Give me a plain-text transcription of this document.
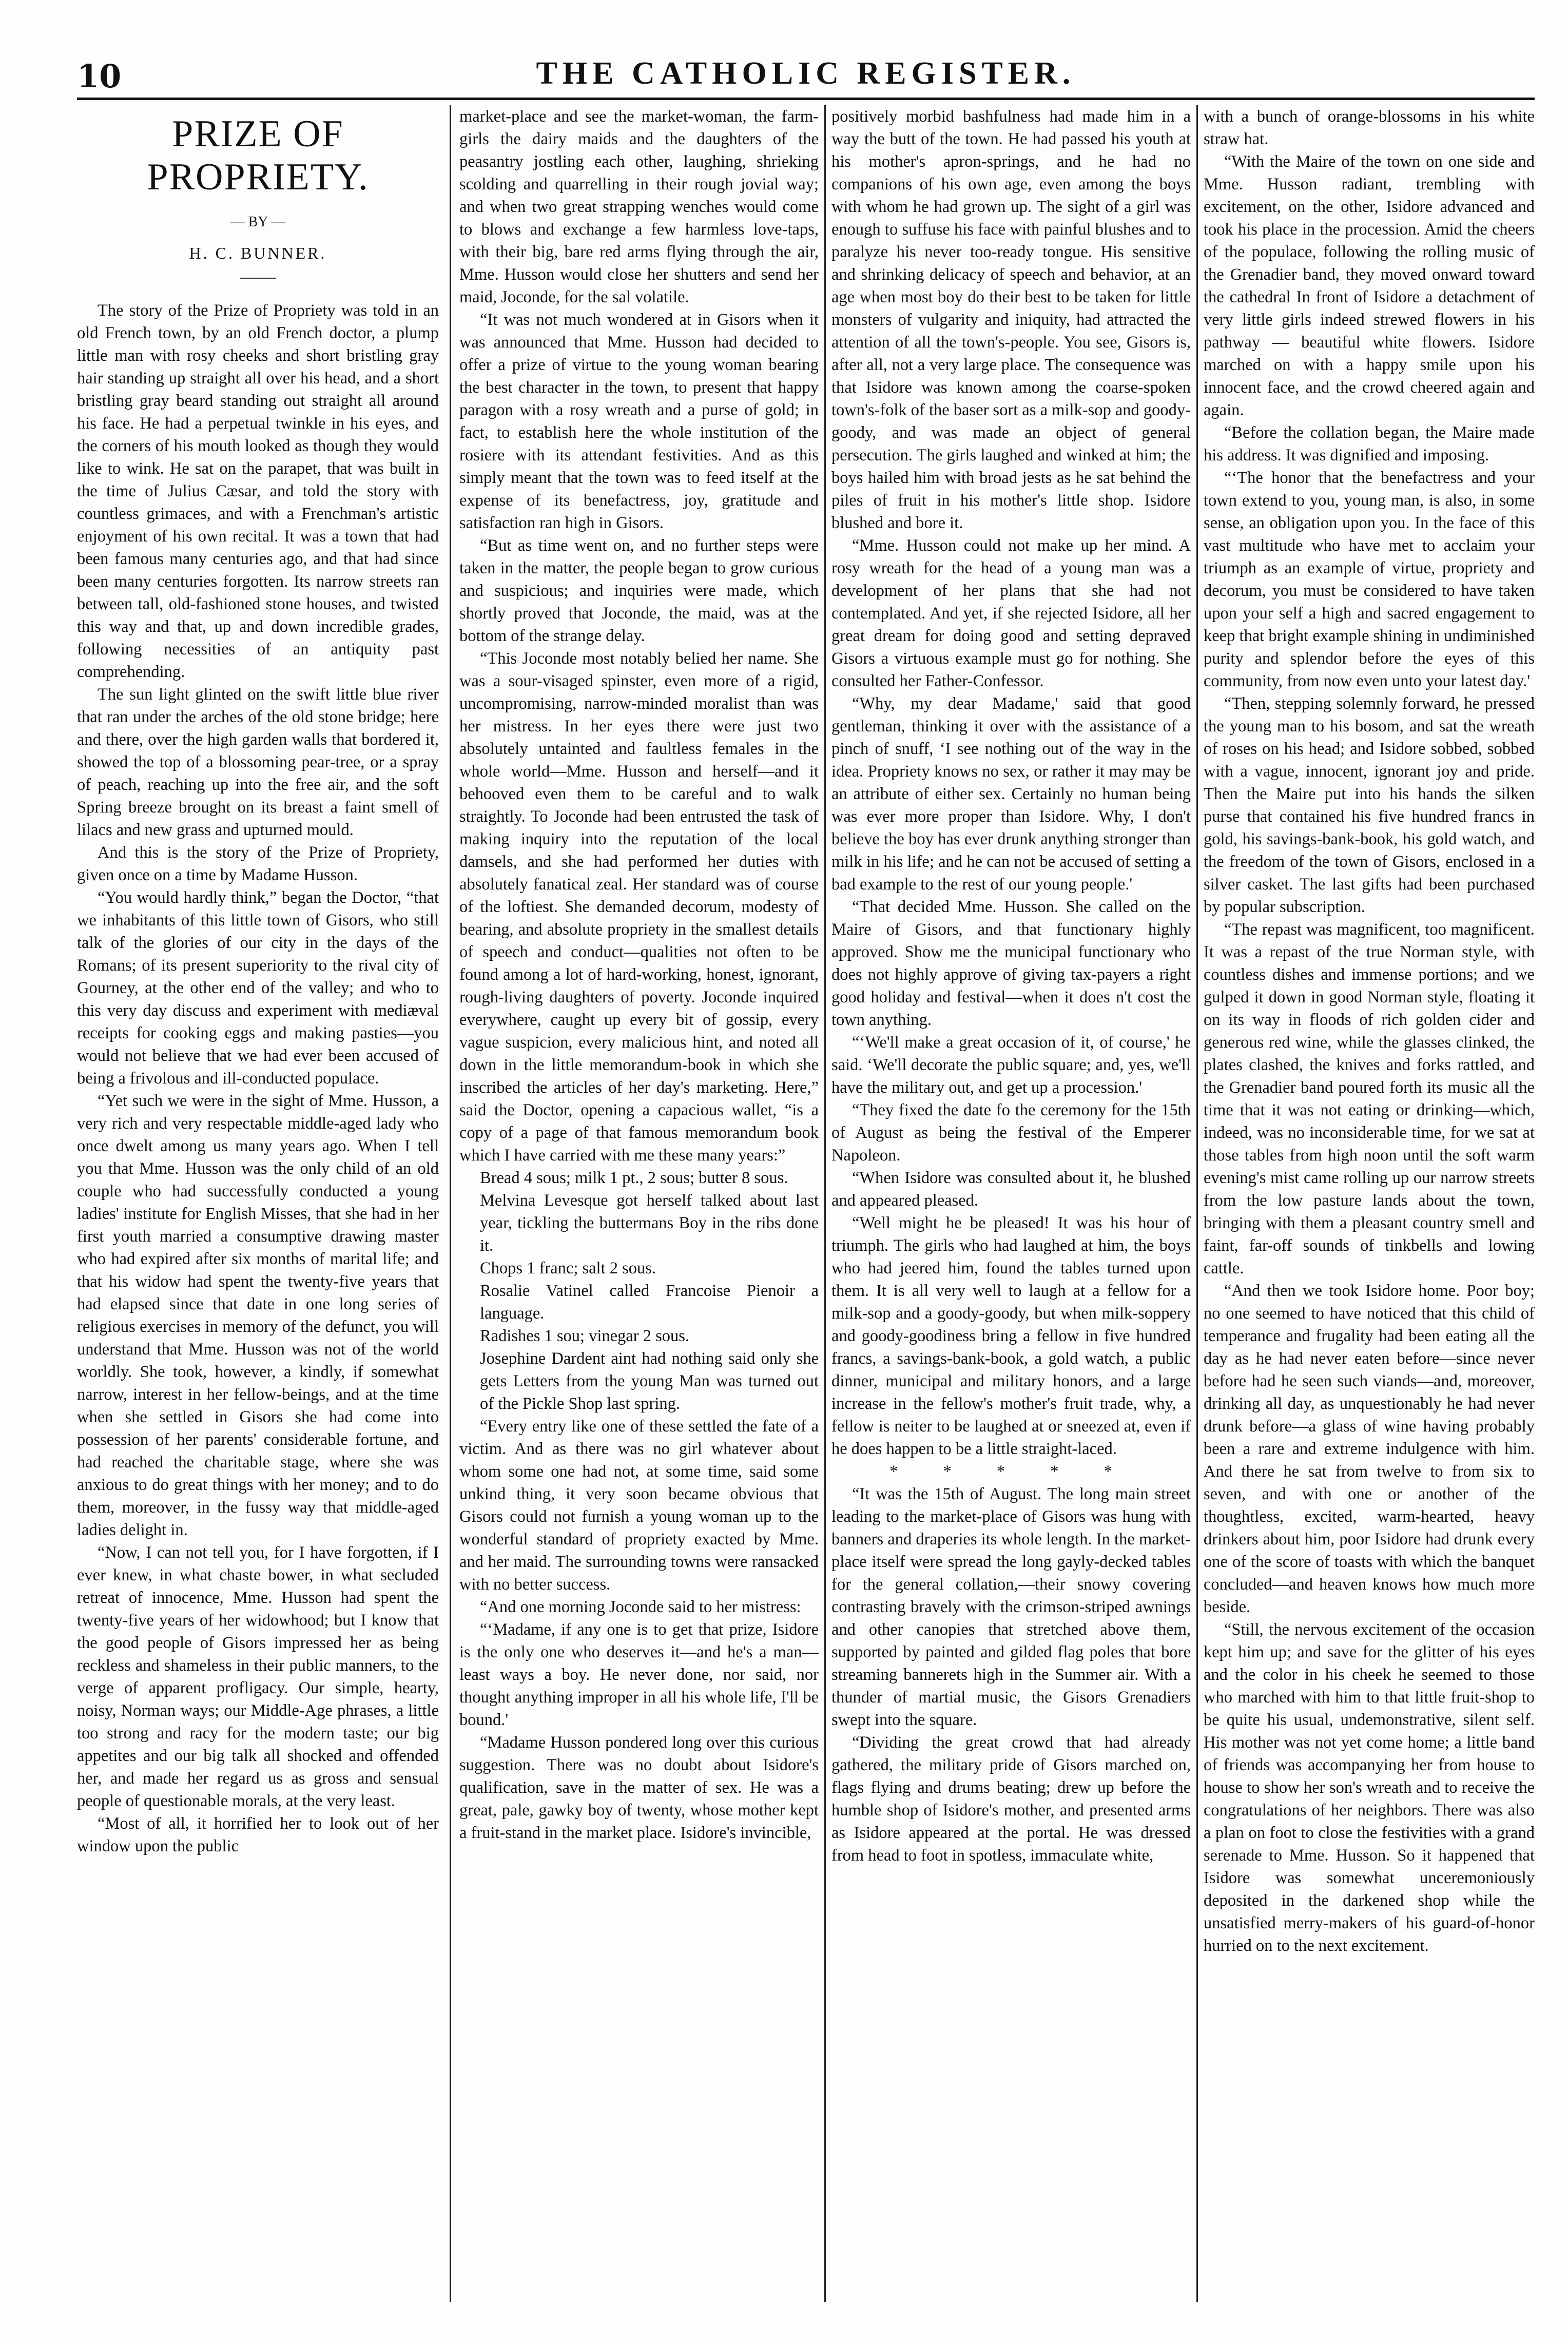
10	THE CATHOLIC REGISTER.
PRIZE OF PROPRIETY.
— BY —
H. C. BUNNER.

The story of the Prize of Propriety was told in an old French town, by an old French doctor, a plump little man with rosy cheeks and short bristling gray hair standing up straight all over his head, and a short bristling gray beard standing out straight all around his face. He had a perpetual twinkle in his eyes, and the corners of his mouth looked as though they would like to wink. He sat on the parapet, that was built in the time of Julius Cæsar, and told the story with countless grimaces, and with a Frenchman's artistic enjoyment of his own recital. It was a town that had been famous many centuries ago, and that had since been many centuries forgotten. Its narrow streets ran between tall, old-fashioned stone houses, and twisted this way and that, up and down incredible grades, following necessities of an antiquity past comprehending.

The sun light glinted on the swift little blue river that ran under the arches of the old stone bridge; here and there, over the high garden walls that bordered it, showed the top of a blossoming pear-tree, or a spray of peach, reaching up into the free air, and the soft Spring breeze brought on its breast a faint smell of lilacs and new grass and upturned mould.

And this is the story of the Prize of Propriety, given once on a time by Madame Husson.

“You would hardly think,” began the Doctor, “that we inhabitants of this little town of Gisors, who still talk of the glories of our city in the days of the Romans; of its present superiority to the rival city of Gourney, at the other end of the valley; and who to this very day discuss and experiment with mediæval receipts for cooking eggs and making pasties—you would not believe that we had ever been accused of being a frivolous and ill-conducted populace.

“Yet such we were in the sight of Mme. Husson, a very rich and very respectable middle-aged lady who once dwelt among us many years ago. When I tell you that Mme. Husson was the only child of an old couple who had successfully conducted a young ladies' institute for English Misses, that she had in her first youth married a consumptive drawing master who had expired after six months of marital life; and that his widow had spent the twenty-five years that had elapsed since that date in one long series of religious exercises in memory of the defunct, you will understand that Mme. Husson was not of the world worldly. She took, however, a kindly, if somewhat narrow, interest in her fellow-beings, and at the time when she settled in Gisors she had come into possession of her parents' considerable fortune, and had reached the charitable stage, where she was anxious to do great things with her money; and to do them, moreover, in the fussy way that middle-aged ladies delight in.

“Now, I can not tell you, for I have forgotten, if I ever knew, in what chaste bower, in what secluded retreat of innocence, Mme. Husson had spent the twenty-five years of her widowhood; but I know that the good people of Gisors impressed her as being reckless and shameless in their public manners, to the verge of apparent profligacy. Our simple, hearty, noisy, Norman ways; our Middle-Age phrases, a little too strong and racy for the modern taste; our big appetites and our big talk all shocked and offended her, and made her regard us as gross and sensual people of questionable morals, at the very least.

“Most of all, it horrified her to look out of her window upon the public

market-place and see the market-woman, the farm-girls the dairy maids and the daughters of the peasantry jostling each other, laughing, shrieking scolding and quarrelling in their rough jovial way; and when two great strapping wenches would come to blows and exchange a few harmless love-taps, with their big, bare red arms flying through the air, Mme. Husson would close her shutters and send her maid, Joconde, for the sal volatile.

“It was not much wondered at in Gisors when it was announced that Mme. Husson had decided to offer a prize of virtue to the young woman bearing the best character in the town, to present that happy paragon with a rosy wreath and a purse of gold; in fact, to establish here the whole institution of the rosiere with its attendant festivities. And as this simply meant that the town was to feed itself at the expense of its benefactress, joy, gratitude and satisfaction ran high in Gisors.

“But as time went on, and no further steps were taken in the matter, the people began to grow curious and suspicious; and inquiries were made, which shortly proved that Joconde, the maid, was at the bottom of the strange delay.

“This Joconde most notably belied her name. She was a sour-visaged spinster, even more of a rigid, uncompromising, narrow-minded moralist than was her mistress. In her eyes there were just two absolutely untainted and faultless females in the whole world—Mme. Husson and herself—and it behooved even them to be careful and to walk straightly. To Joconde had been entrusted the task of making inquiry into the reputation of the local damsels, and she had performed her duties with absolutely fanatical zeal. Her standard was of course of the loftiest. She demanded decorum, modesty of bearing, and absolute propriety in the smallest details of speech and conduct—qualities not often to be found among a lot of hard-working, honest, ignorant, rough-living daughters of poverty. Joconde inquired everywhere, caught up every bit of gossip, every vague suspicion, every malicious hint, and noted all down in the little memorandum-book in which she inscribed the articles of her day's marketing. Here,” said the Doctor, opening a capacious wallet, “is a copy of a page of that famous memorandum book which I have carried with me these many years:”

Bread 4 sous; milk 1 pt., 2 sous; butter 8 sous.

Melvina Levesque got herself talked about last year, tickling the buttermans Boy in the ribs done it.

Chops 1 franc; salt 2 sous.

Rosalie Vatinel called Francoise Pienoir a language.

Radishes 1 sou; vinegar 2 sous.

Josephine Dardent aint had nothing said only she gets Letters from the young Man was turned out of the Pickle Shop last spring.

“Every entry like one of these settled the fate of a victim. And as there was no girl whatever about whom some one had not, at some time, said some unkind thing, it very soon became obvious that Gisors could not furnish a young woman up to the wonderful standard of propriety exacted by Mme. and her maid. The surrounding towns were ransacked with no better success.

“And one morning Joconde said to her mistress:

“‘Madame, if any one is to get that prize, Isidore is the only one who deserves it—and he's a man—least ways a boy. He never done, nor said, nor thought anything improper in all his whole life, I'll be bound.'

“Madame Husson pondered long over this curious suggestion. There was no doubt about Isidore's qualification, save in the matter of sex. He was a great, pale, gawky boy of twenty, whose mother kept a fruit-stand in the market place. Isidore's invincible,

positively morbid bashfulness had made him in a way the butt of the town. He had passed his youth at his mother's apron-springs, and he had no companions of his own age, even among the boys with whom he had grown up. The sight of a girl was enough to suffuse his face with painful blushes and to paralyze his never too-ready tongue. His sensitive and shrinking delicacy of speech and behavior, at an age when most boy do their best to be taken for little monsters of vulgarity and iniquity, had attracted the attention of all the town's-people. You see, Gisors is, after all, not a very large place. The consequence was that Isidore was known among the coarse-spoken town's-folk of the baser sort as a milk-sop and goody-goody, and was made an object of general persecution. The girls laughed and winked at him; the boys hailed him with broad jests as he sat behind the piles of fruit in his mother's little shop. Isidore blushed and bore it.

“Mme. Husson could not make up her mind. A rosy wreath for the head of a young man was a development of her plans that she had not contemplated. And yet, if she rejected Isidore, all her great dream for doing good and setting depraved Gisors a virtuous example must go for nothing. She consulted her Father-Confessor.

“Why, my dear Madame,' said that good gentleman, thinking it over with the assistance of a pinch of snuff, ‘I see nothing out of the way in the idea. Propriety knows no sex, or rather it may may be an attribute of either sex. Certainly no human being was ever more proper than Isidore. Why, I don't believe the boy has ever drunk anything stronger than milk in his life; and he can not be accused of setting a bad example to the rest of our young people.'

“That decided Mme. Husson. She called on the Maire of Gisors, and that functionary highly approved. Show me the municipal functionary who does not highly approve of giving tax-payers a right good holiday and festival—when it does n't cost the town anything.

“‘We'll make a great occasion of it, of course,' he said. ‘We'll decorate the public square; and, yes, we'll have the military out, and get up a procession.'

“They fixed the date fo the ceremony for the 15th of August as being the festival of the Emperer Napoleon.

“When Isidore was consulted about it, he blushed and appeared pleased.

“Well might he be pleased! It was his hour of triumph. The girls who had laughed at him, the boys who had jeered him, found the tables turned upon them. It is all very well to laugh at a fellow for a milk-sop and a goody-goody, but when milk-soppery and goody-goodiness bring a fellow in five hundred francs, a savings-bank-book, a gold watch, a public dinner, municipal and military honors, and a large increase in the fellow's mother's fruit trade, why, a fellow is neiter to be laughed at or sneezed at, even if he does happen to be a little straight-laced.

* * * * *

“It was the 15th of August. The long main street leading to the market-place of Gisors was hung with banners and draperies its whole length. In the market-place itself were spread the long gayly-decked tables for the general collation,—their snowy covering contrasting bravely with the crimson-striped awnings and other canopies that stretched above them, supported by painted and gilded flag poles that bore streaming bannerets high in the Summer air. With a thunder of martial music, the Gisors Grenadiers swept into the square.

“Dividing the great crowd that had already gathered, the military pride of Gisors marched on, flags flying and drums beating; drew up before the humble shop of Isidore's mother, and presented arms as Isidore appeared at the portal. He was dressed from head to foot in spotless, immaculate white,

with a bunch of orange-blossoms in his white straw hat.

“With the Maire of the town on one side and Mme. Husson radiant, trembling with excitement, on the other, Isidore advanced and took his place in the procession. Amid the cheers of the populace, following the rolling music of the Grenadier band, they moved onward toward the cathedral In front of Isidore a detachment of very little girls indeed strewed flowers in his pathway — beautiful white flowers. Isidore marched on with a happy smile upon his innocent face, and the crowd cheered again and again.

“Before the collation began, the Maire made his address. It was dignified and imposing.

“‘The honor that the benefactress and your town extend to you, young man, is also, in some sense, an obligation upon you. In the face of this vast multitude who have met to acclaim your triumph as an example of virtue, propriety and decorum, you must be considered to have taken upon your self a high and sacred engagement to keep that bright example shining in undiminished purity and splendor before the eyes of this community, from now even unto your latest day.'

“Then, stepping solemnly forward, he pressed the young man to his bosom, and sat the wreath of roses on his head; and Isidore sobbed, sobbed with a vague, innocent, ignorant joy and pride. Then the Maire put into his hands the silken purse that contained his five hundred francs in gold, his savings-bank-book, his gold watch, and the freedom of the town of Gisors, enclosed in a silver casket. The last gifts had been purchased by popular subscription.

“The repast was magnificent, too magnificent. It was a repast of the true Norman style, with countless dishes and immense portions; and we gulped it down in good Norman style, floating it on its way in floods of rich golden cider and generous red wine, while the glasses clinked, the plates clashed, the knives and forks rattled, and the Grenadier band poured forth its music all the time that it was not eating or drinking—which, indeed, was no inconsiderable time, for we sat at those tables from high noon until the soft warm evening's mist came rolling up our narrow streets from the low pasture lands about the town, bringing with them a pleasant country smell and faint, far-off sounds of tinkbells and lowing cattle.

“And then we took Isidore home. Poor boy; no one seemed to have noticed that this child of temperance and frugality had been eating all the day as he had never eaten before—since never before had he seen such viands—and, moreover, drinking all day, as unquestionably he had never drunk before—a glass of wine having probably been a rare and extreme indulgence with him. And there he sat from twelve to from six to seven, and with one or another of the thoughtless, excited, warm-hearted, heavy drinkers about him, poor Isidore had drunk every one of the score of toasts with which the banquet concluded—and heaven knows how much more beside.

“Still, the nervous excitement of the occasion kept him up; and save for the glitter of his eyes and the color in his cheek he seemed to those who marched with him to that little fruit-shop to be quite his usual, undemonstrative, silent self. His mother was not yet come home; a little band of friends was accompanying her from house to house to show her son's wreath and to receive the congratulations of her neighbors. There was also a plan on foot to close the festivities with a grand serenade to Mme. Husson. So it happened that Isidore was somewhat unceremoniously deposited in the darkened shop while the unsatisfied merry-makers of his guard-of-honor hurried on to the next excitement.
